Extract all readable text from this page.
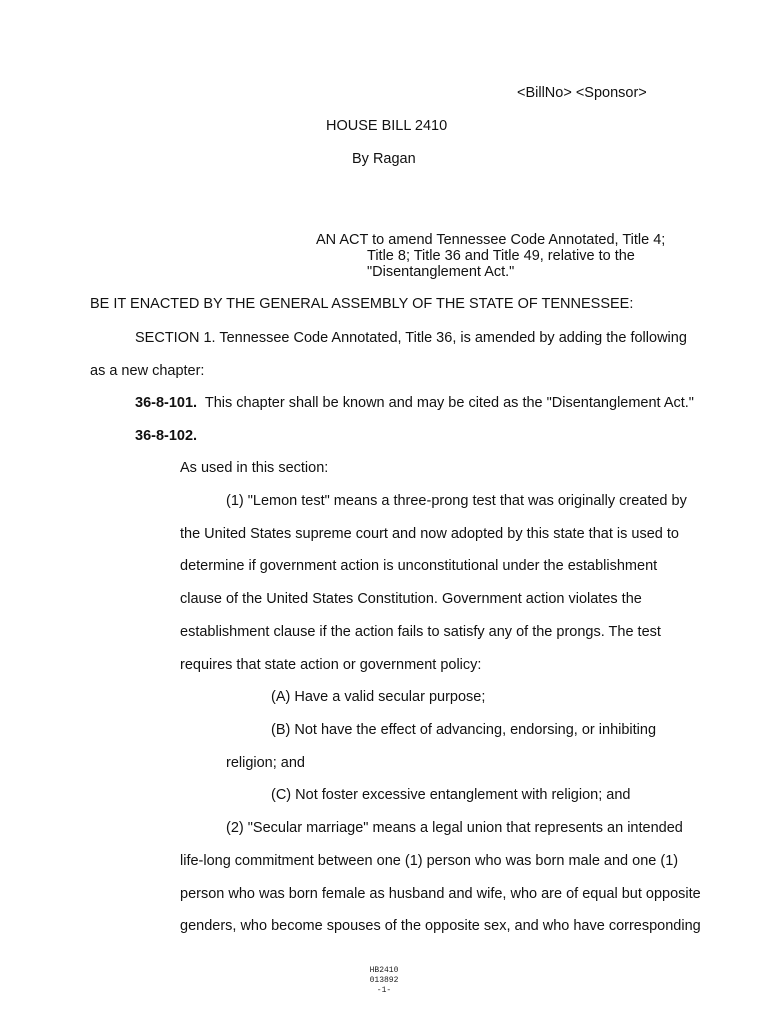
<BillNo> <Sponsor>
HOUSE BILL 2410
By Ragan
AN ACT to amend Tennessee Code Annotated, Title 4;
Title 8; Title 36 and Title 49, relative to the
"Disentanglement Act."
BE IT ENACTED BY THE GENERAL ASSEMBLY OF THE STATE OF TENNESSEE:
SECTION 1. Tennessee Code Annotated, Title 36, is amended by adding the following
as a new chapter:
36-8-101. This chapter shall be known and may be cited as the "Disentanglement Act."
36-8-102.
As used in this section:
(1) "Lemon test" means a three-prong test that was originally created by
the United States supreme court and now adopted by this state that is used to
determine if government action is unconstitutional under the establishment
clause of the United States Constitution. Government action violates the
establishment clause if the action fails to satisfy any of the prongs. The test
requires that state action or government policy:
(A) Have a valid secular purpose;
(B) Not have the effect of advancing, endorsing, or inhibiting
religion; and
(C) Not foster excessive entanglement with religion; and
(2) "Secular marriage" means a legal union that represents an intended
life-long commitment between one (1) person who was born male and one (1)
person who was born female as husband and wife, who are of equal but opposite
genders, who become spouses of the opposite sex, and who have corresponding
HB2410
013892
-1-
